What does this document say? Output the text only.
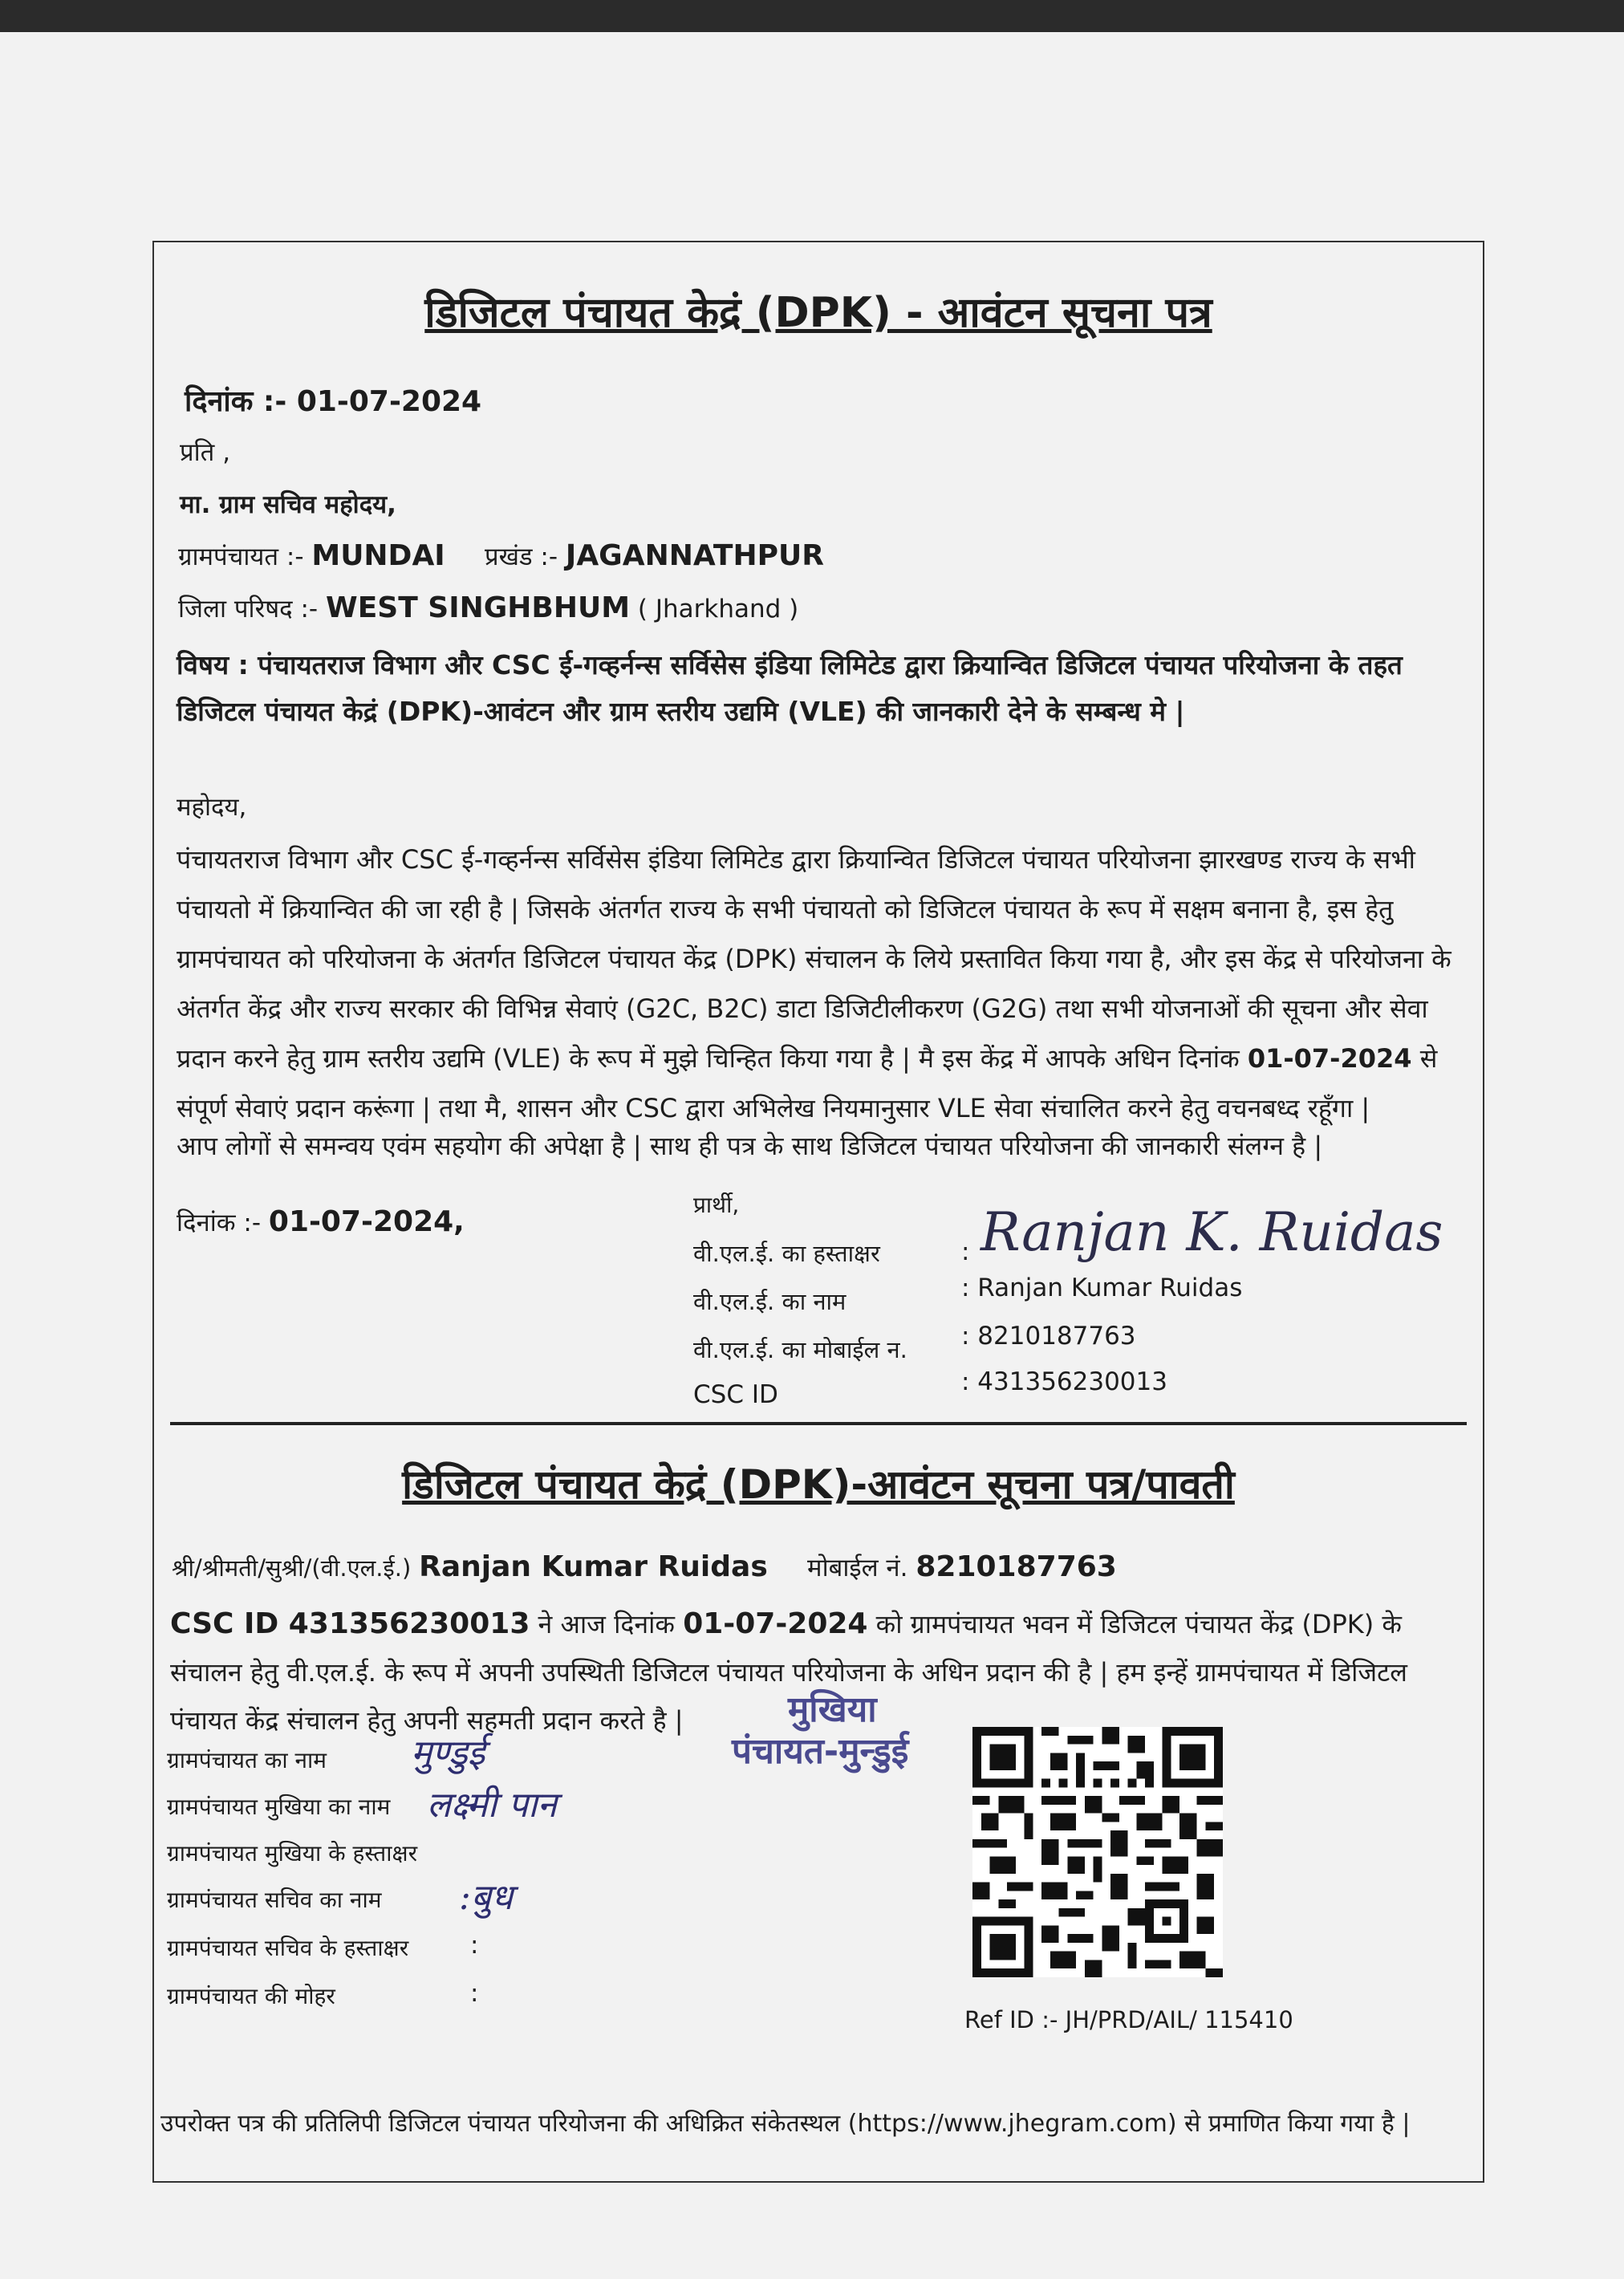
डिजिटल पंचायत केद्रं (DPK) - आवंटन सूचना पत्र
दिनांक :- 01-07-2024
प्रति ,
मा. ग्राम सचिव महोदय,
ग्रामपंचायत :- MUNDAI प्रखंड :- JAGANNATHPUR
जिला परिषद :- WEST SINGHBHUM ( Jharkhand )
विषय : पंचायतराज विभाग और CSC ई-गव्हर्नन्स सर्विसेस इंडिया लिमिटेड द्वारा क्रियान्वित डिजिटल पंचायत परियोजना के तहत डिजिटल पंचायत केद्रं (DPK)-आवंटन और ग्राम स्तरीय उद्यमि (VLE) की जानकारी देने के सम्बन्ध मे |
महोदय,
पंचायतराज विभाग और CSC ई-गव्हर्नन्स सर्विसेस इंडिया लिमिटेड द्वारा क्रियान्वित डिजिटल पंचायत परियोजना झारखण्ड राज्य के सभी पंचायतो में क्रियान्वित की जा रही है | जिसके अंतर्गत राज्य के सभी पंचायतो को डिजिटल पंचायत के रूप में सक्षम बनाना है, इस हेतु ग्रामपंचायत को परियोजना के अंतर्गत डिजिटल पंचायत केंद्र (DPK) संचालन के लिये प्रस्तावित किया गया है, और इस केंद्र से परियोजना के अंतर्गत केंद्र और राज्य सरकार की विभिन्न सेवाएं (G2C, B2C) डाटा डिजिटीलीकरण (G2G) तथा सभी योजनाओं की सूचना और सेवा प्रदान करने हेतु ग्राम स्तरीय उद्यमि (VLE) के रूप में मुझे चिन्हित किया गया है | मै इस केंद्र में आपके अधिन दिनांक 01-07-2024 से संपूर्ण सेवाएं प्रदान करूंगा | तथा मै, शासन और CSC द्वारा अभिलेख नियमानुसार VLE सेवा संचालित करने हेतु वचनबध्द रहूँगा |
आप लोगों से समन्वय एवंम सहयोग की अपेक्षा है | साथ ही पत्र के साथ डिजिटल पंचायत परियोजना की जानकारी संलग्न है |
दिनांक :- 01-07-2024,
प्रार्थी,
वी.एल.ई. का हस्ताक्षर	: Ranjan K. Ruidas
वी.एल.ई. का नाम	: Ranjan Kumar Ruidas
वी.एल.ई. का मोबाईल न. : 8210187763
CSC ID	: 431356230013
डिजिटल पंचायत केद्रं (DPK)-आवंटन सूचना पत्र/पावती
श्री/श्रीमती/सुश्री/(वी.एल.ई.) Ranjan Kumar Ruidas मोबाईल नं. 8210187763
CSC ID 431356230013 ने आज दिनांक 01-07-2024 को ग्रामपंचायत भवन में डिजिटल पंचायत केंद्र (DPK) के संचालन हेतु वी.एल.ई. के रूप में अपनी उपस्थिती डिजिटल पंचायत परियोजना के अधिन प्रदान की है | हम इन्हें ग्रामपंचायत में डिजिटल पंचायत केंद्र संचालन हेतु अपनी सहमती प्रदान करते है |
ग्रामपंचायत का नाम मुण्डुई
ग्रामपंचायत मुखिया का नाम लक्ष्मी पान
ग्रामपंचायत मुखिया के हस्ताक्षर
ग्रामपंचायत सचिव का नाम :बुध
ग्रामपंचायत सचिव के हस्ताक्षर :
ग्रामपंचायत की मोहर	:
मुखिया
पंचायत-मुन्डुई
Ref ID :- JH/PRD/AIL/ 115410
उपरोक्त पत्र की प्रतिलिपी डिजिटल पंचायत परियोजना की अधिक्रित संकेतस्थल (https://www.jhegram.com) से प्रमाणित किया गया है |
